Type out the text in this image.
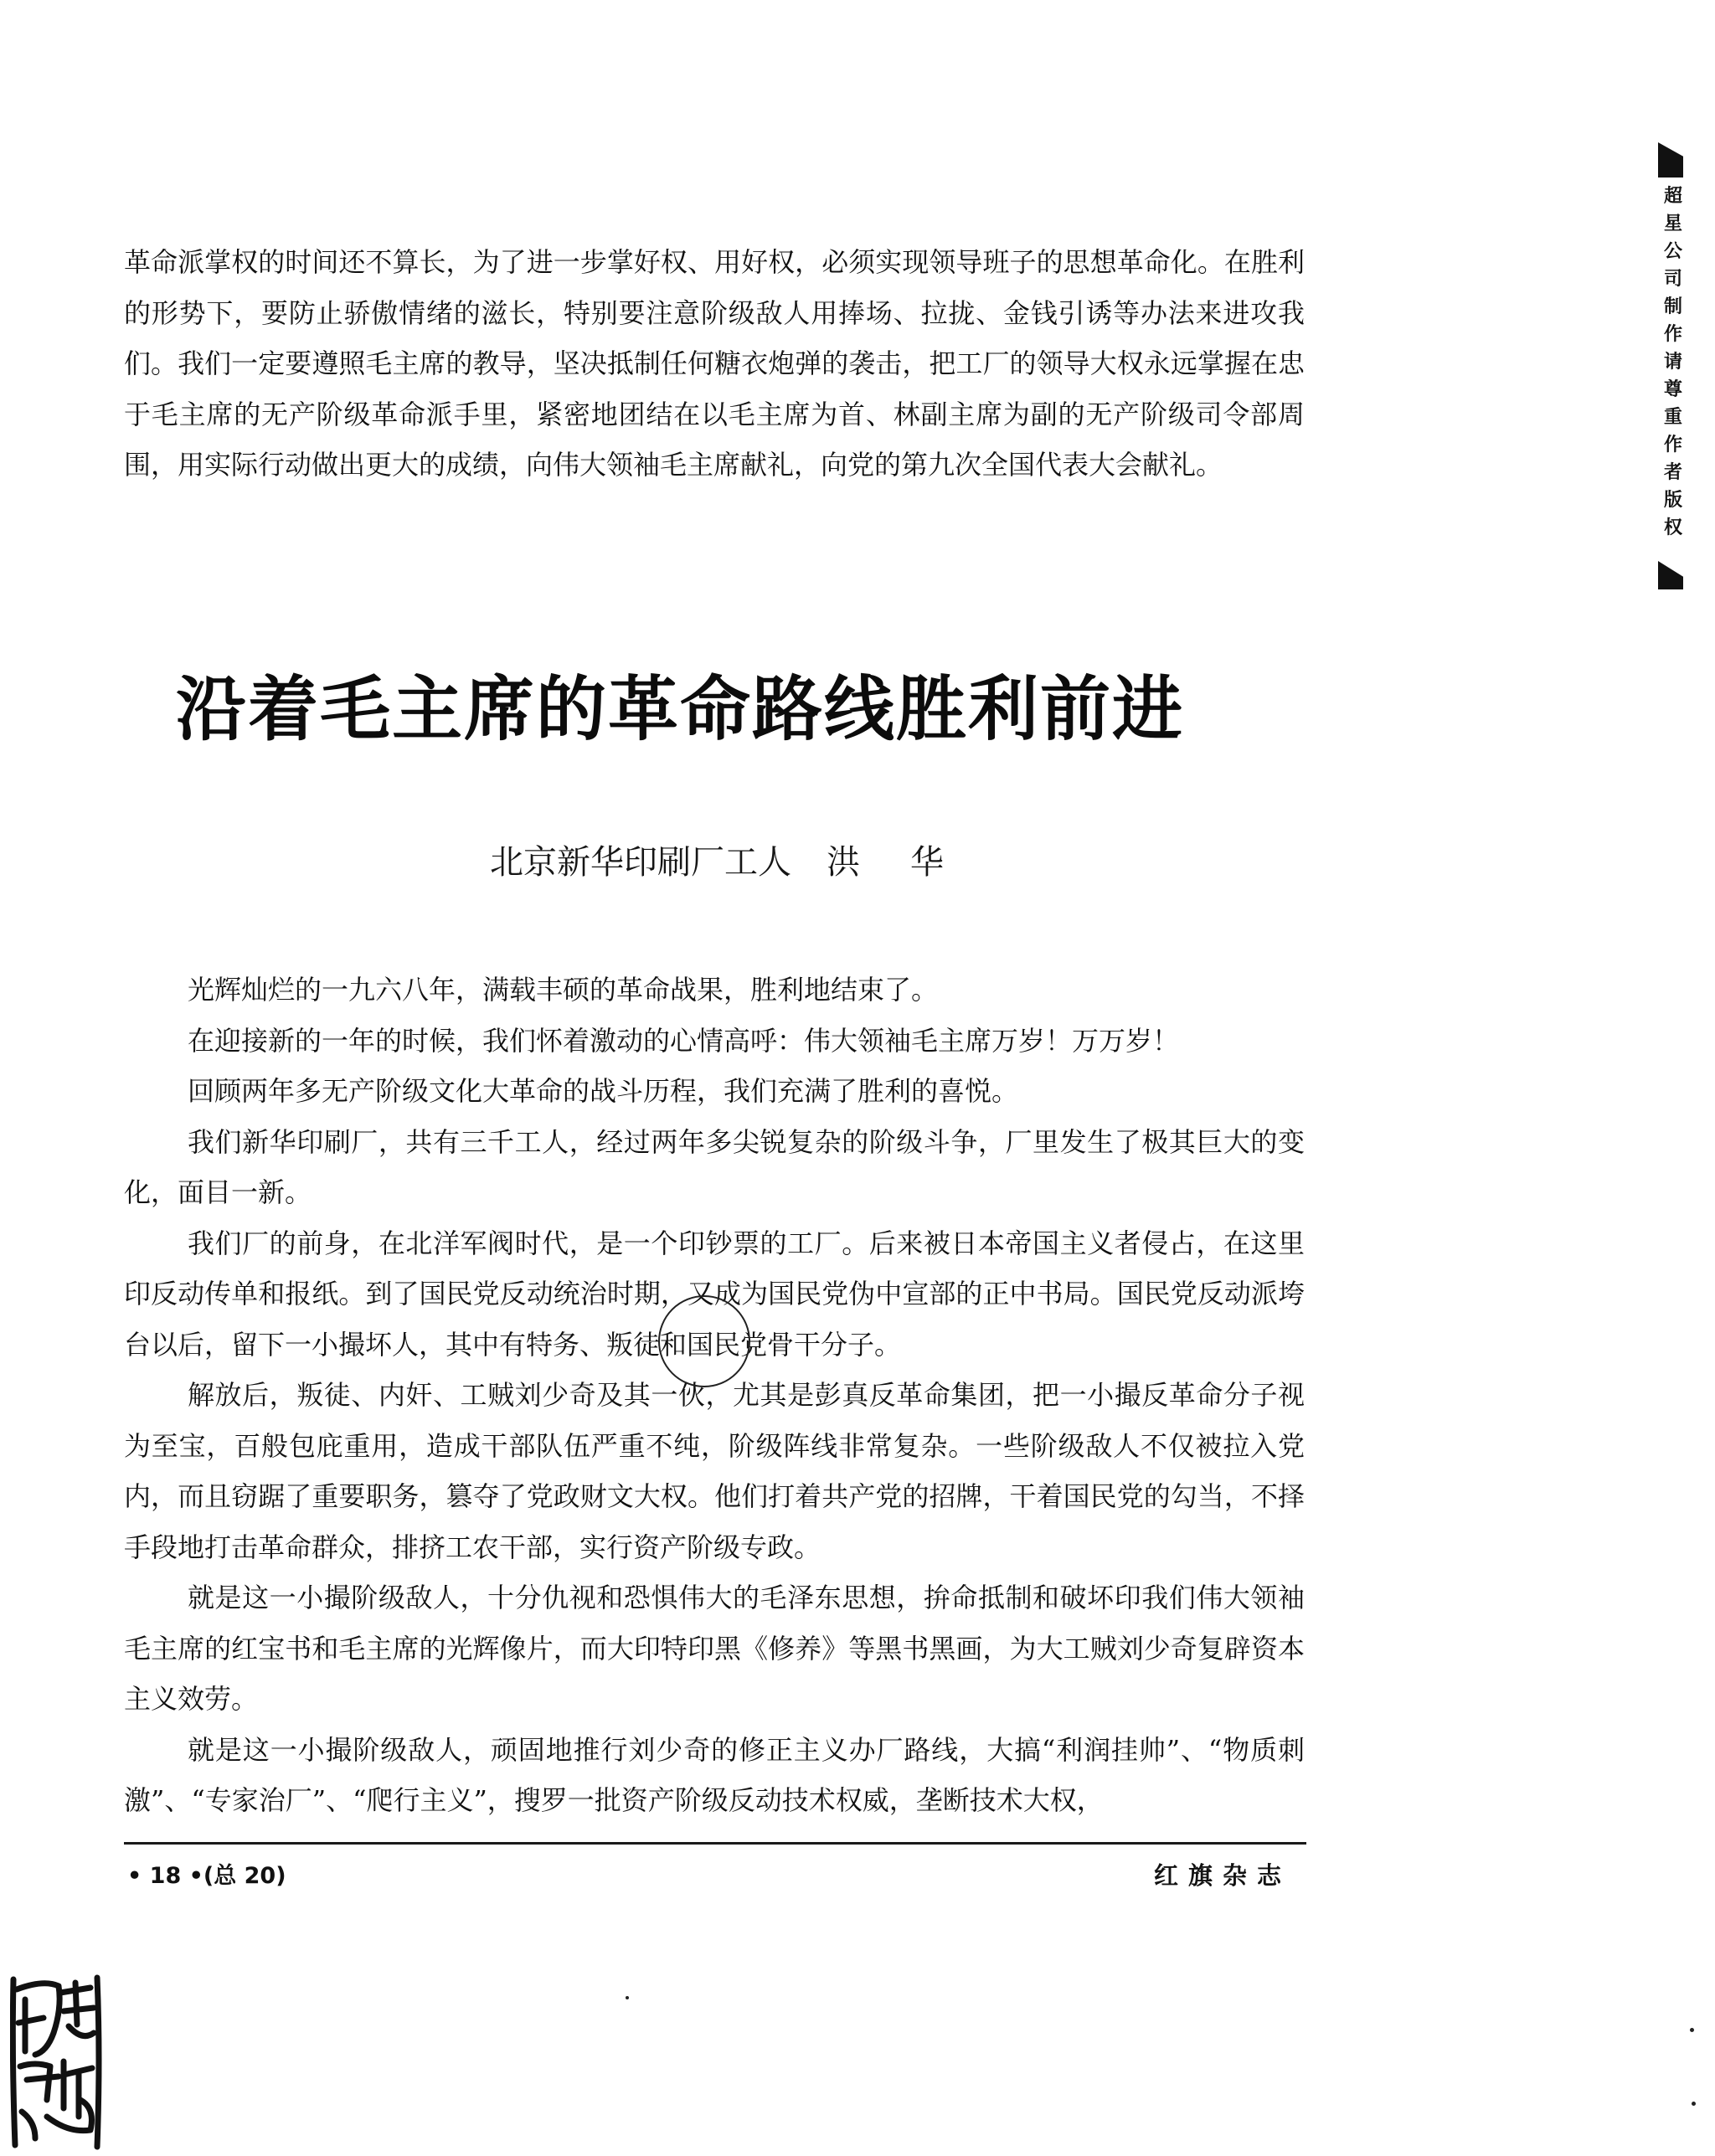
革命派掌权的时间还不算长，为了进一步掌好权、用好权，必须实现领导班子的思想革命化。在胜利的形势下，要防止骄傲情绪的滋长，特别要注意阶级敌人用捧场、拉拢、金钱引诱等办法来进攻我们。我们一定要遵照毛主席的教导，坚决抵制任何糖衣炮弹的袭击，把工厂的领导大权永远掌握在忠于毛主席的无产阶级革命派手里，紧密地团结在以毛主席为首、林副主席为副的无产阶级司令部周围，用实际行动做出更大的成绩，向伟大领袖毛主席献礼，向党的第九次全国代表大会献礼。

沿着毛主席的革命路线胜利前进

北京新华印刷厂工人 洪华

光辉灿烂的一九六八年，满载丰硕的革命战果，胜利地结束了。

在迎接新的一年的时候，我们怀着激动的心情高呼：伟大领袖毛主席万岁！万万岁！

回顾两年多无产阶级文化大革命的战斗历程，我们充满了胜利的喜悦。

我们新华印刷厂，共有三千工人，经过两年多尖锐复杂的阶级斗争，厂里发生了极其巨大的变化，面目一新。

我们厂的前身，在北洋军阀时代，是一个印钞票的工厂。后来被日本帝国主义者侵占，在这里印反动传单和报纸。到了国民党反动统治时期，又成为国民党伪中宣部的正中书局。国民党反动派垮台以后，留下一小撮坏人，其中有特务、叛徒和国民党骨干分子。

解放后，叛徒、内奸、工贼刘少奇及其一伙，尤其是彭真反革命集团，把一小撮反革命分子视为至宝，百般包庇重用，造成干部队伍严重不纯，阶级阵线非常复杂。一些阶级敌人不仅被拉入党内，而且窃踞了重要职务，篡夺了党政财文大权。他们打着共产党的招牌，干着国民党的勾当，不择手段地打击革命群众，排挤工农干部，实行资产阶级专政。

就是这一小撮阶级敌人，十分仇视和恐惧伟大的毛泽东思想，拚命抵制和破坏印我们伟大领袖毛主席的红宝书和毛主席的光辉像片，而大印特印黑《修养》等黑书黑画，为大工贼刘少奇复辟资本主义效劳。

就是这一小撮阶级敌人，顽固地推行刘少奇的修正主义办厂路线，大搞“利润挂帅”、“物质刺激”、“专家治厂”、“爬行主义”，搜罗一批资产阶级反动技术权威，垄断技术大权，

• 18 •(总 20)	红旗杂志
超星公司制作请尊重作者版权
